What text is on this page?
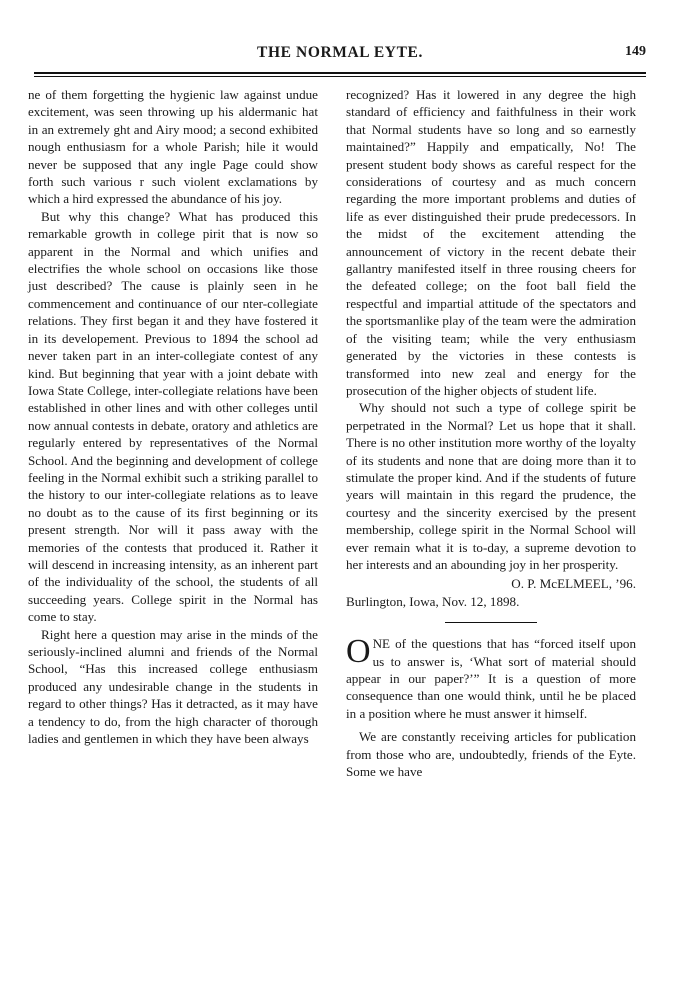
THE NORMAL EYTE.	149

ne of them forgetting the hygienic law against undue excitement, was seen throwing up his aldermanic hat in an extremely ght and Airy mood; a second exhibited nough enthusiasm for a whole Parish; hile it would never be supposed that any ingle Page could show forth such various r such violent exclamations by which a hird expressed the abundance of his joy.

But why this change? What has produced this remarkable growth in college pirit that is now so apparent in the Normal and which unifies and electrifies the whole school on occasions like those just described? The cause is plainly seen in he commencement and continuance of our nter-collegiate relations. They first began it and they have fostered it in its developement. Previous to 1894 the school ad never taken part in an inter-collegiate contest of any kind. But beginning that year with a joint debate with Iowa State College, inter-collegiate relations have been established in other lines and with other colleges until now annual contests in debate, oratory and athletics are regularly entered by representatives of the Normal School. And the beginning and development of college feeling in the Normal exhibit such a striking parallel to the history to our inter-collegiate relations as to leave no doubt as to the cause of its first beginning or its present strength. Nor will it pass away with the memories of the contests that produced it. Rather it will descend in increasing intensity, as an inherent part of the individuality of the school, the students of all succeeding years. College spirit in the Normal has come to stay.

Right here a question may arise in the minds of the seriously-inclined alumni and friends of the Normal School, “Has this increased college enthusiasm produced any undesirable change in the students in regard to other things? Has it detracted, as it may have a tendency to do, from the high character of thorough ladies and gentlemen in which they have been always

recognized? Has it lowered in any degree the high standard of efficiency and faithfulness in their work that Normal students have so long and so earnestly maintained?” Happily and empatically, No! The present student body shows as careful respect for the considerations of courtesy and as much concern regarding the more important problems and duties of life as ever distinguished their prude predecessors. In the midst of the excitement attending the announcement of victory in the recent debate their gallantry manifested itself in three rousing cheers for the defeated college; on the foot ball field the respectful and impartial attitude of the spectators and the sportsmanlike play of the team were the admiration of the visiting team; while the very enthusiasm generated by the victories in these contests is transformed into new zeal and energy for the prosecution of the higher objects of student life.

Why should not such a type of college spirit be perpetrated in the Normal? Let us hope that it shall. There is no other institution more worthy of the loyalty of its students and none that are doing more than it to stimulate the proper kind. And if the students of future years will maintain in this regard the prudence, the courtesy and the sincerity exercised by the present membership, college spirit in the Normal School will ever remain what it is to-day, a supreme devotion to her interests and an abounding joy in her prosperity.

O. P. McELMEEL, ’96.
Burlington, Iowa, Nov. 12, 1898.
ONE of the questions that has “forced itself upon us to answer is, ‘What sort of material should appear in our paper?’” It is a question of more consequence than one would think, until he be placed in a position where he must answer it himself.

We are constantly receiving articles for publication from those who are, undoubtedly, friends of the Eyte. Some we have
